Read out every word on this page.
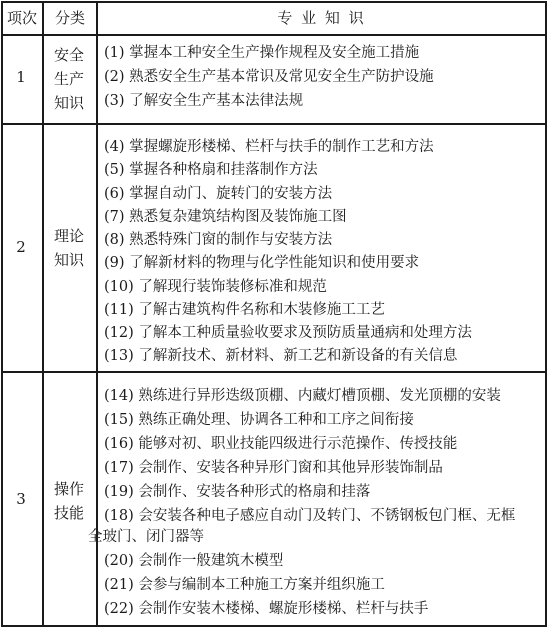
项次	分类	专 业 知 识
1
安全
生产
知识
(1) 掌握本工种安全生产操作规程及安全施工措施
(2) 熟悉安全生产基本常识及常见安全生产防护设施
(3) 了解安全生产基本法律法规
2
理论
知识
(4) 掌握螺旋形楼梯、栏杆与扶手的制作工艺和方法
(5) 掌握各种格扇和挂落制作方法
(6) 掌握自动门、旋转门的安装方法
(7) 熟悉复杂建筑结构图及装饰施工图
(8) 熟悉特殊门窗的制作与安装方法
(9) 了解新材料的物理与化学性能知识和使用要求
(10) 了解现行装饰装修标准和规范
(11) 了解古建筑构件名称和木装修施工工艺
(12) 了解本工种质量验收要求及预防质量通病和处理方法
(13) 了解新技术、新材料、新工艺和新设备的有关信息
3
操作
技能
(14) 熟练进行异形迭级顶棚、内藏灯槽顶棚、发光顶棚的安装
(15) 熟练正确处理、协调各工种和工序之间衔接
(16) 能够对初、职业技能四级进行示范操作、传授技能
(17) 会制作、安装各种异形门窗和其他异形装饰制品
(19) 会制作、安装各种形式的格扇和挂落
(18) 会安装各种电子感应自动门及转门、不锈钢板包门框、无框
全玻门、闭门器等
(20) 会制作一般建筑木模型
(21) 会参与编制本工种施工方案并组织施工
(22) 会制作安装木楼梯、螺旋形楼梯、栏杆与扶手
